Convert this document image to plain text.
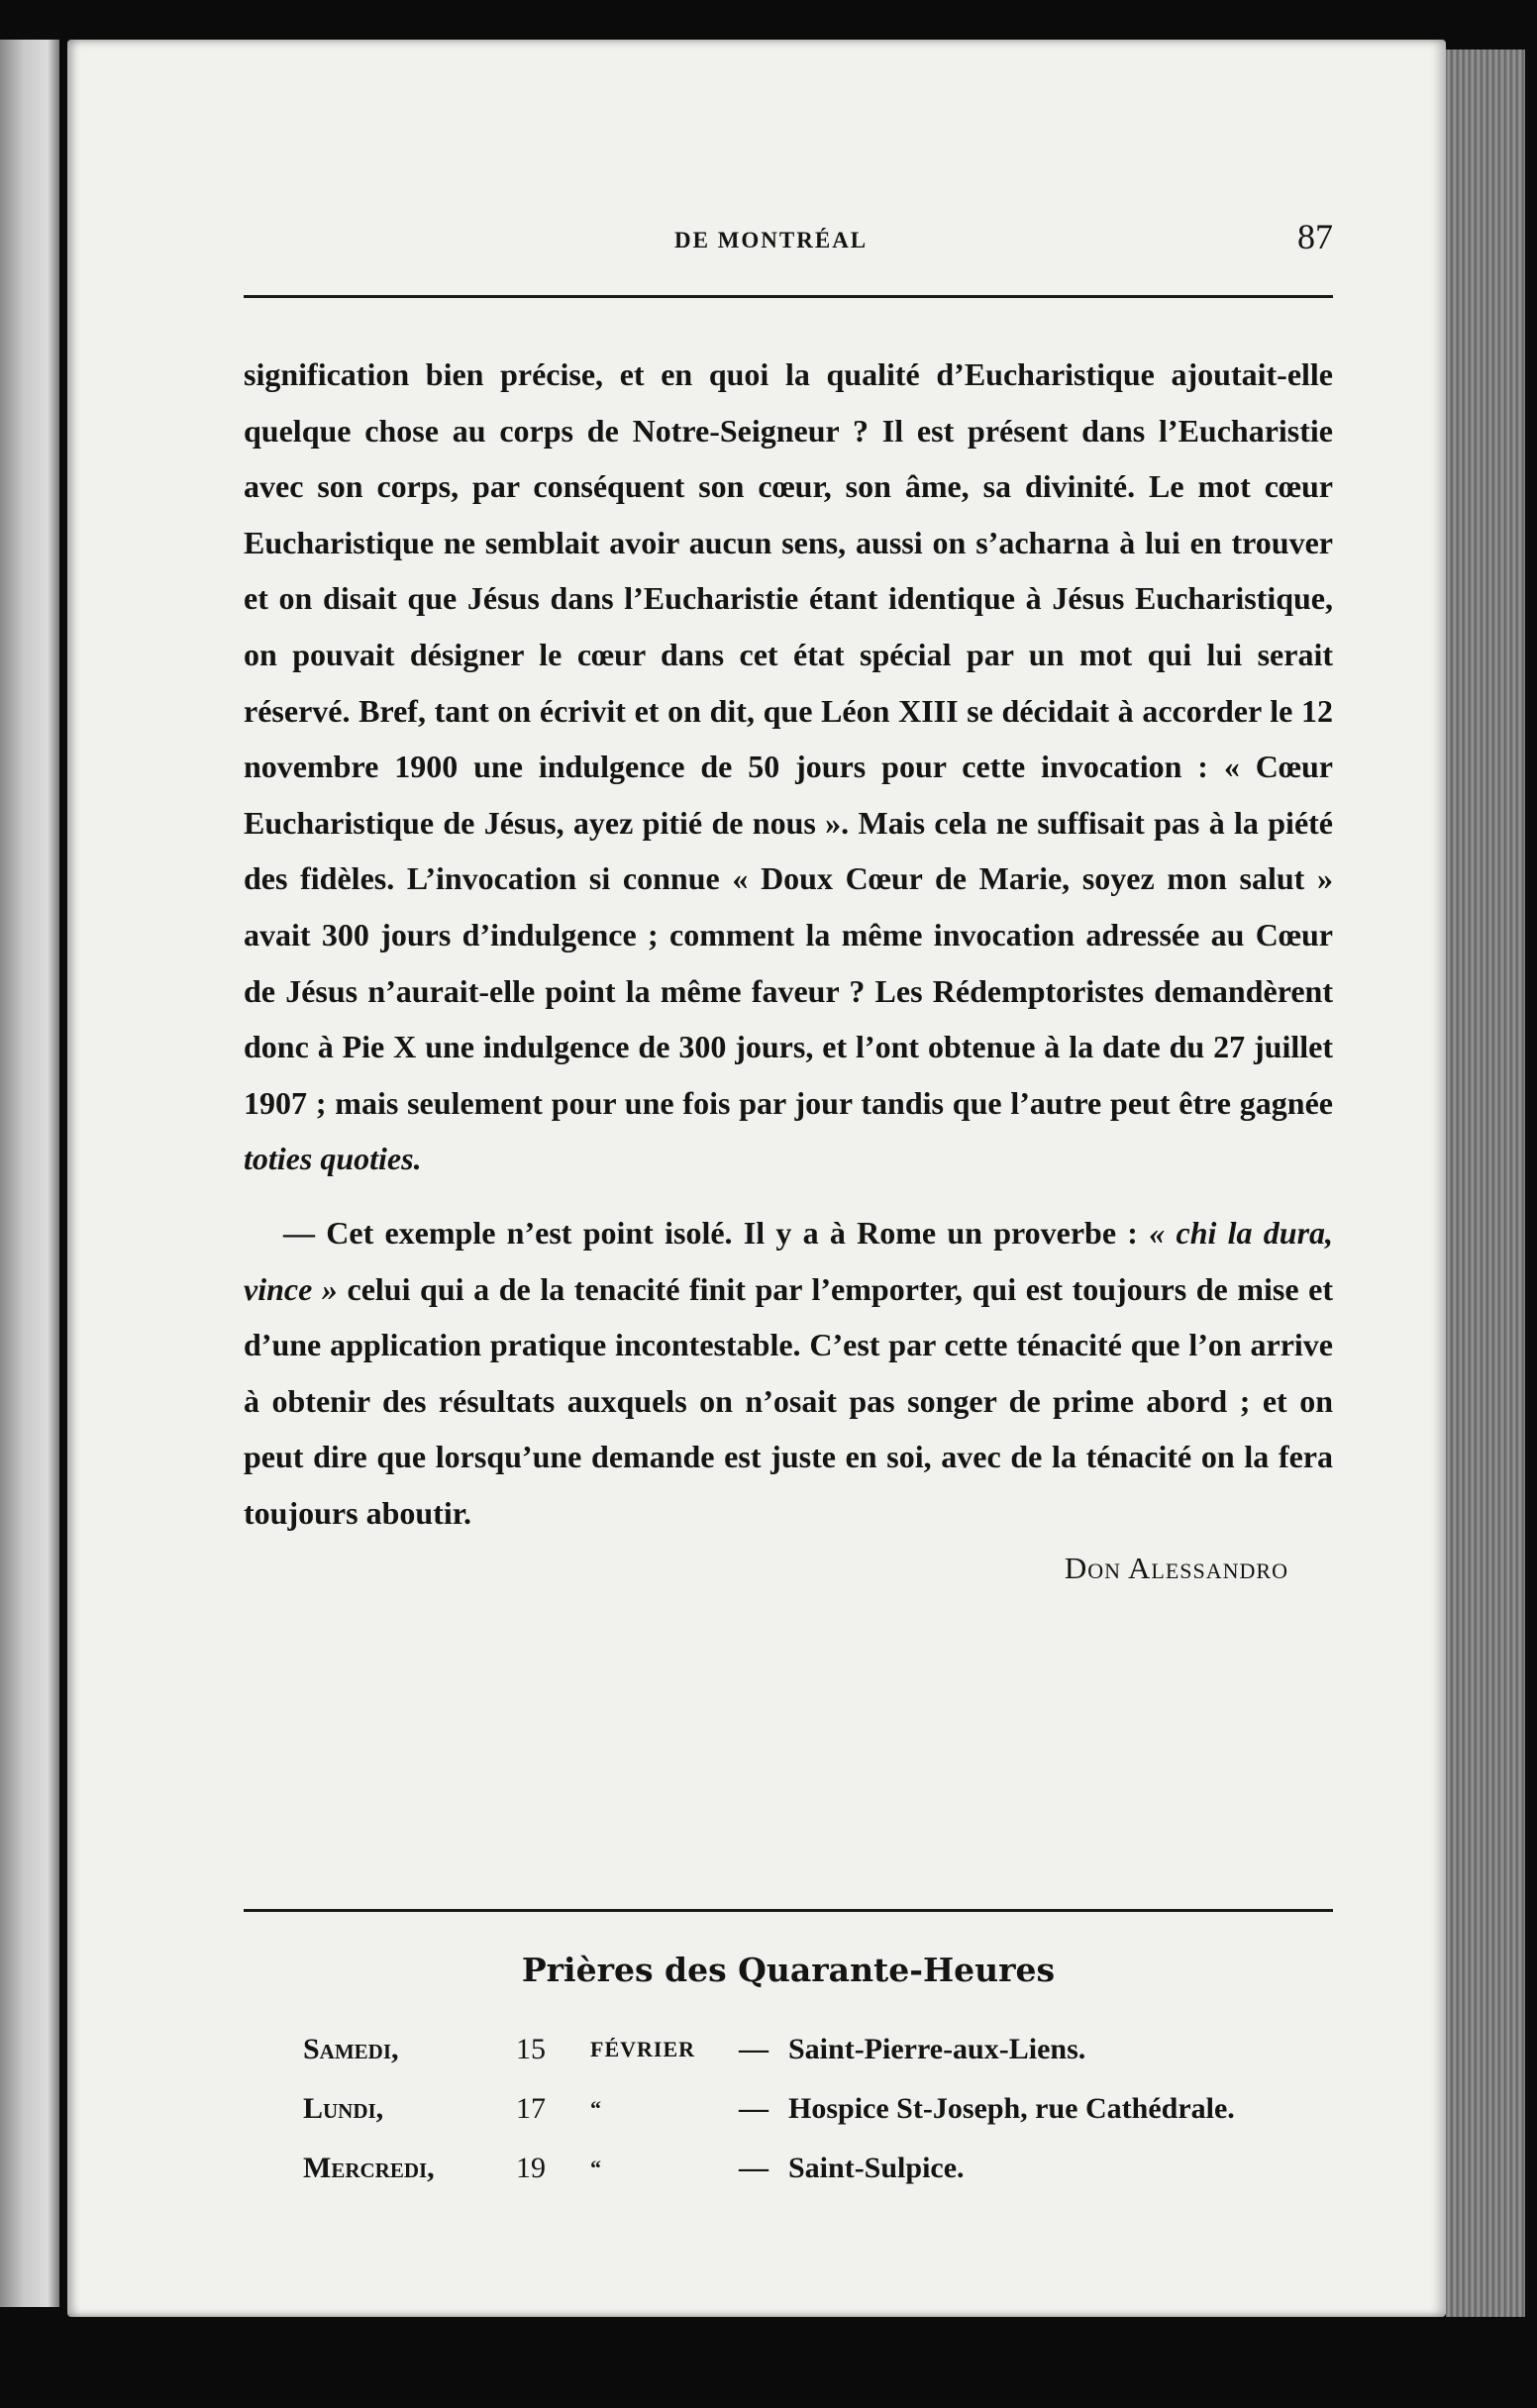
DE MONTRÉAL	87

signification bien précise, et en quoi la qualité d’Eucharistique ajoutait-elle quelque chose au corps de Notre-Seigneur ? Il est présent dans l’Eucharistie avec son corps, par conséquent son cœur, son âme, sa divinité. Le mot cœur Eucharistique ne semblait avoir aucun sens, aussi on s’acharna à lui en trouver et on disait que Jésus dans l’Eucharistie étant identique à Jésus Eucharistique, on pouvait désigner le cœur dans cet état spécial par un mot qui lui serait réservé. Bref, tant on écrivit et on dit, que Léon XIII se décidait à accorder le 12 novembre 1900 une indulgence de 50 jours pour cette invocation : « Cœur Eucharistique de Jésus, ayez pitié de nous ». Mais cela ne suffisait pas à la piété des fidèles. L’invocation si connue « Doux Cœur de Marie, soyez mon salut » avait 300 jours d’indulgence ; comment la même invocation adressée au Cœur de Jésus n’aurait-elle point la même faveur ? Les Rédemptoristes demandèrent donc à Pie X une indulgence de 300 jours, et l’ont obtenue à la date du 27 juillet 1907 ; mais seulement pour une fois par jour tandis que l’autre peut être gagnée toties quoties.

— Cet exemple n’est point isolé. Il y a à Rome un proverbe : « chi la dura, vince » celui qui a de la tenacité finit par l’emporter, qui est toujours de mise et d’une application pratique incontestable. C’est par cette ténacité que l’on arrive à obtenir des résultats auxquels on n’osait pas songer de prime abord ; et on peut dire que lorsqu’une demande est juste en soi, avec de la ténacité on la fera toujours aboutir.

Don Alessandro

Prières des Quarante-Heures
Samedi,	15	FÉVRIER	—	Saint-Pierre-aux-Liens.
Lundi,	17	“	—	Hospice St-Joseph, rue Cathédrale.
Mercredi,	19	“	—	Saint-Sulpice.
